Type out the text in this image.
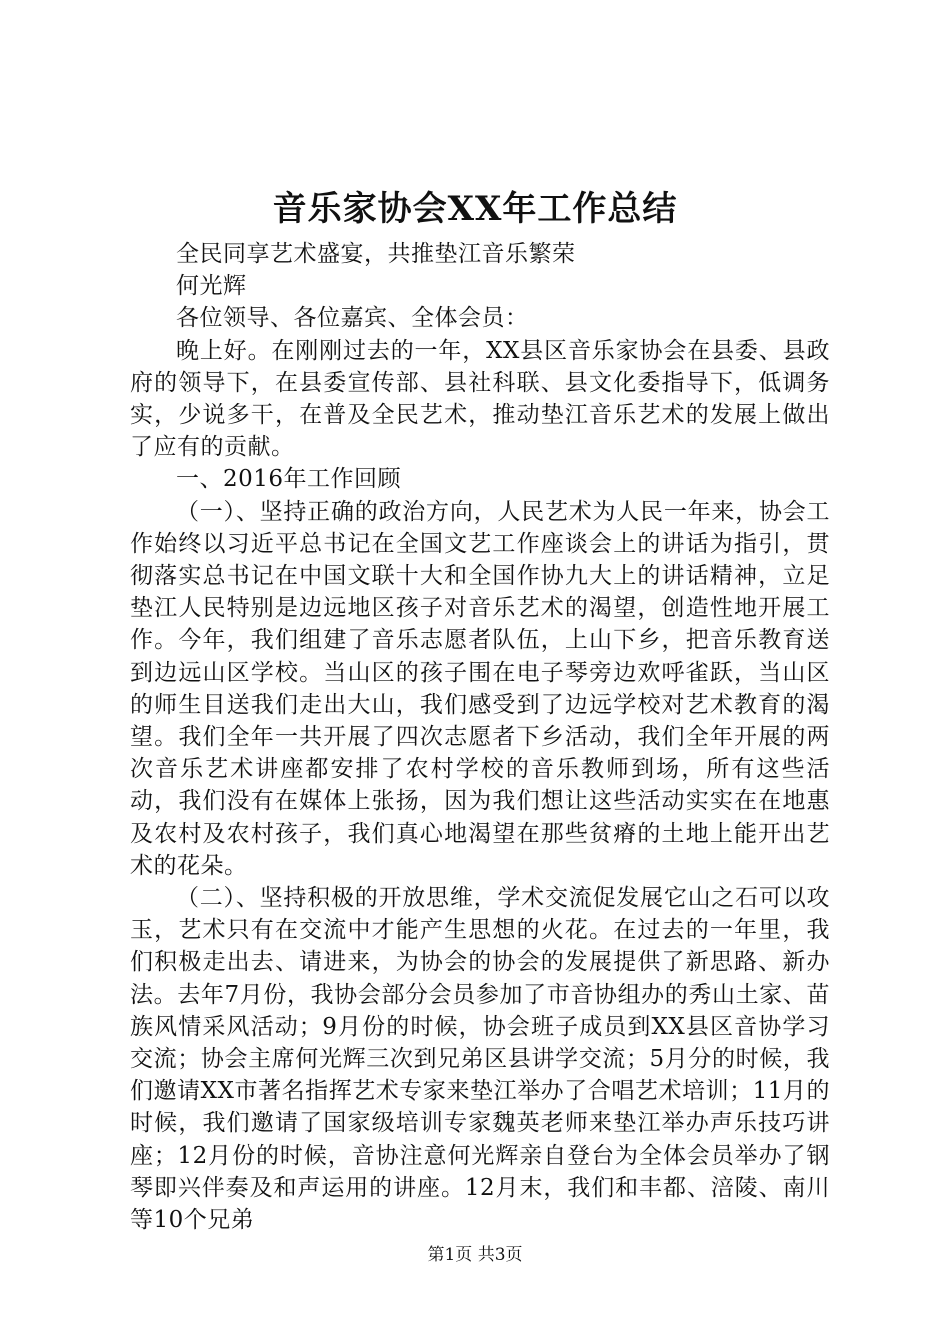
音乐家协会XX年工作总结

全民同享艺术盛宴，共推垫江音乐繁荣

何光辉

各位领导、各位嘉宾、全体会员：

晚上好。在刚刚过去的一年，XX县区音乐家协会在县委、县政府的领导下，在县委宣传部、县社科联、县文化委指导下，低调务实，少说多干，在普及全民艺术，推动垫江音乐艺术的发展上做出了应有的贡献。

一、2016年工作回顾

（一）、坚持正确的政治方向，人民艺术为人民一年来，协会工作始终以习近平总书记在全国文艺工作座谈会上的讲话为指引，贯彻落实总书记在中国文联十大和全国作协九大上的讲话精神，立足垫江人民特别是边远地区孩子对音乐艺术的渴望，创造性地开展工作。今年，我们组建了音乐志愿者队伍，上山下乡，把音乐教育送到边远山区学校。当山区的孩子围在电子琴旁边欢呼雀跃，当山区的师生目送我们走出大山，我们感受到了边远学校对艺术教育的渴望。我们全年一共开展了四次志愿者下乡活动，我们全年开展的两次音乐艺术讲座都安排了农村学校的音乐教师到场，所有这些活动，我们没有在媒体上张扬，因为我们想让这些活动实实在在地惠及农村及农村孩子，我们真心地渴望在那些贫瘠的土地上能开出艺术的花朵。

（二）、坚持积极的开放思维，学术交流促发展它山之石可以攻玉，艺术只有在交流中才能产生思想的火花。在过去的一年里，我们积极走出去、请进来，为协会的协会的发展提供了新思路、新办法。去年7月份，我协会部分会员参加了市音协组办的秀山土家、苗族风情采风活动；9月份的时候，协会班子成员到XX县区音协学习交流；协会主席何光辉三次到兄弟区县讲学交流；5月分的时候，我们邀请XX市著名指挥艺术专家来垫江举办了合唱艺术培训；11月的时候，我们邀请了国家级培训专家魏英老师来垫江举办声乐技巧讲座；12月份的时候，音协注意何光辉亲自登台为全体会员举办了钢琴即兴伴奏及和声运用的讲座。12月末，我们和丰都、涪陵、南川等10个兄弟

第1页 共3页
